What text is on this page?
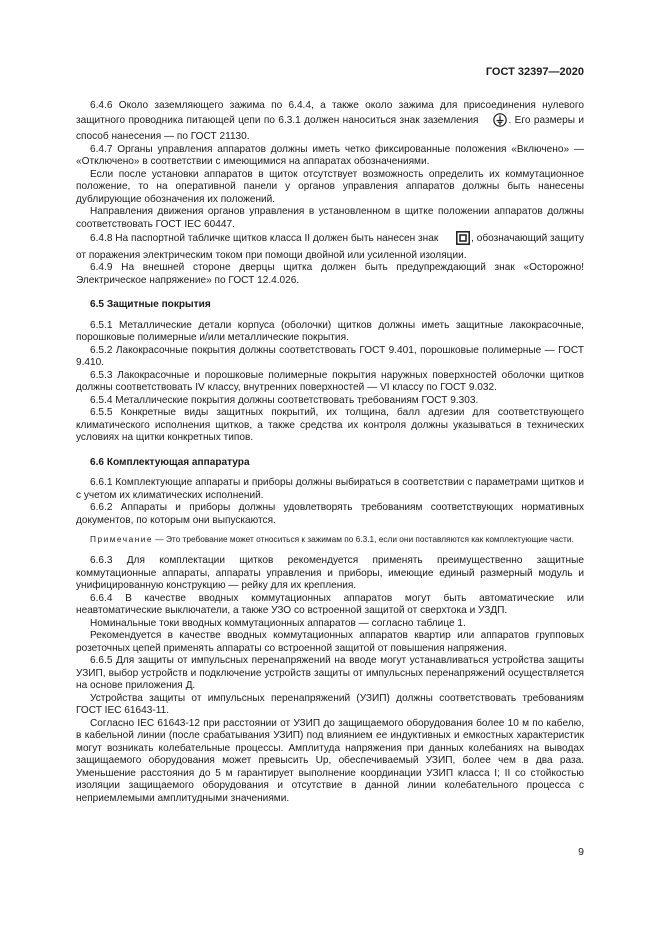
ГОСТ 32397—2020

6.4.6 Около заземляющего зажима по 6.4.4, а также около зажима для присоединения нулевого защитного проводника питающей цепи по 6.3.1 должен наноситься знак заземления	. Его размеры и способ нанесения — по ГОСТ 21130.

6.4.7 Органы управления аппаратов должны иметь четко фиксированные положения «Включено» — «Отключено» в соответствии с имеющимися на аппаратах обозначениями.

Если после установки аппаратов в щиток отсутствует возможность определить их коммутационное положение, то на оперативной панели у органов управления аппаратов должны быть нанесены дублирующие обозначения их положений.

Направления движения органов управления в установленном в щитке положении аппаратов должны соответствовать ГОСТ IEC 60447.

6.4.8 На паспортной табличке щитков класса II должен быть нанесен знак	, обозначающий защиту от поражения электрическим током при помощи двойной или усиленной изоляции.

6.4.9 На внешней стороне дверцы щитка должен быть предупреждающий знак «Осторожно! Электрическое напряжение» по ГОСТ 12.4.026.

6.5 Защитные покрытия

6.5.1 Металлические детали корпуса (оболочки) щитков должны иметь защитные лакокрасочные, порошковые полимерные и/или металлические покрытия.

6.5.2 Лакокрасочные покрытия должны соответствовать ГОСТ 9.401, порошковые полимерные — ГОСТ 9.410.

6.5.3 Лакокрасочные и порошковые полимерные покрытия наружных поверхностей оболочки щитков должны соответствовать IV классу, внутренних поверхностей — VI классу по ГОСТ 9.032.

6.5.4 Металлические покрытия должны соответствовать требованиям ГОСТ 9.303.

6.5.5 Конкретные виды защитных покрытий, их толщина, балл адгезии для соответствующего климатического исполнения щитков, а также средства их контроля должны указываться в технических условиях на щитки конкретных типов.

6.6 Комплектующая аппаратура

6.6.1 Комплектующие аппараты и приборы должны выбираться в соответствии с параметрами щитков и с учетом их климатических исполнений.

6.6.2 Аппараты и приборы должны удовлетворять требованиям соответствующих нормативных документов, по которым они выпускаются.

Примечание — Это требование может относиться к зажимам по 6.3.1, если они поставляются как комплектующие части.

6.6.3 Для комплектации щитков рекомендуется применять преимущественно защитные коммутационные аппараты, аппараты управления и приборы, имеющие единый размерный модуль и унифицированную конструкцию — рейку для их крепления.

6.6.4 В качестве вводных коммутационных аппаратов могут быть автоматические или неавтоматические выключатели, а также УЗО со встроенной защитой от сверхтока и УЗДП.

Номинальные токи вводных коммутационных аппаратов — согласно таблице 1.

Рекомендуется в качестве вводных коммутационных аппаратов квартир или аппаратов групповых розеточных цепей применять аппараты со встроенной защитой от повышения напряжения.

6.6.5 Для защиты от импульсных перенапряжений на вводе могут устанавливаться устройства защиты УЗИП, выбор устройств и подключение устройств защиты от импульсных перенапряжений осуществляется на основе приложения Д.

Устройства защиты от импульсных перенапряжений (УЗИП) должны соответствовать требованиям ГОСТ IEC 61643-11.

Согласно IEC 61643-12 при расстоянии от УЗИП до защищаемого оборудования более 10 м по кабелю, в кабельной линии (после срабатывания УЗИП) под влиянием ее индуктивных и емкостных характеристик могут возникать колебательные процессы. Амплитуда напряжения при данных колебаниях на выводах защищаемого оборудования может превысить Up, обеспечиваемый УЗИП, более чем в два раза. Уменьшение расстояния до 5 м гарантирует выполнение координации УЗИП класса I; II со стойкостью изоляции защищаемого оборудования и отсутствие в данной линии колебательного процесса с неприемлемыми амплитудными значениями.

9
